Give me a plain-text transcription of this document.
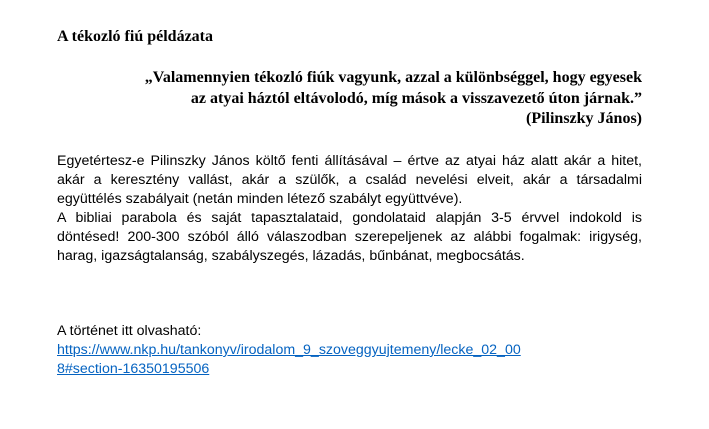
A tékozló fiú példázata
„Valamennyien tékozló fiúk vagyunk, azzal a különbséggel, hogy egyesek
az atyai háztól eltávolodó, míg mások a visszavezető úton járnak.”
(Pilinszky János)

Egyetértesz-e Pilinszky János költő fenti állításával – értve az atyai ház alatt akár a hitet, akár a keresztény vallást, akár a szülők, a család nevelési elveit, akár a társadalmi együttélés szabályait (netán minden létező szabályt együttvéve).

A bibliai parabola és saját tapasztalataid, gondolataid alapján 3-5 érvvel indokold is döntésed! 200-300 szóból álló válaszodban szerepeljenek az alábbi fogalmak: irigység, harag, igazságtalanság, szabályszegés, lázadás, bűnbánat, megbocsátás.

A történet itt olvasható:
https://www.nkp.hu/tankonyv/irodalom_9_szoveggyujtemeny/lecke_02_00
8#section-16350195506
